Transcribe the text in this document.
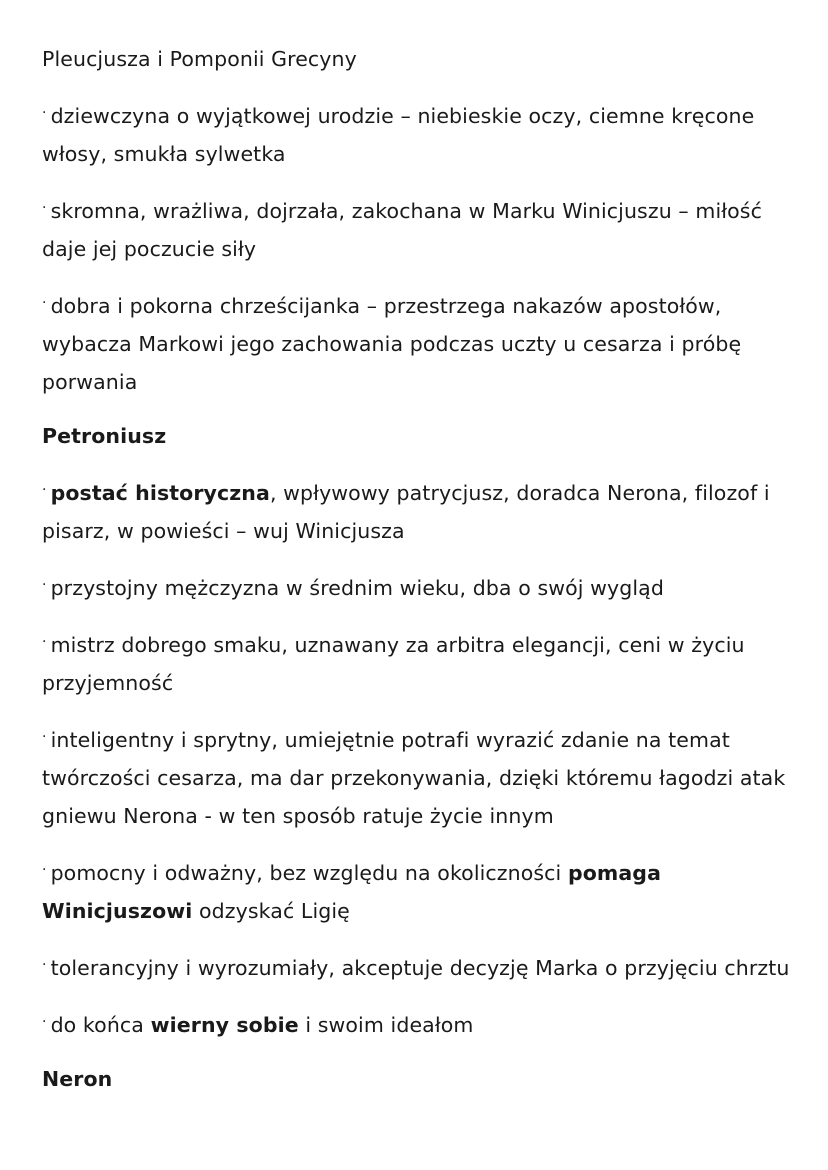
Pleucjusza i Pomponii Grecyny

· dziewczyna o wyjątkowej urodzie – niebieskie oczy, ciemne kręcone włosy, smukła sylwetka

· skromna, wrażliwa, dojrzała, zakochana w Marku Winicjuszu – miłość daje jej poczucie siły

· dobra i pokorna chrześcijanka – przestrzega nakazów apostołów, wybacza Markowi jego zachowania podczas uczty u cesarza i próbę porwania

Petroniusz

· postać historyczna, wpływowy patrycjusz, doradca Nerona, filozof i pisarz, w powieści – wuj Winicjusza

· przystojny mężczyzna w średnim wieku, dba o swój wygląd

· mistrz dobrego smaku, uznawany za arbitra elegancji, ceni w życiu przyjemność

· inteligentny i sprytny, umiejętnie potrafi wyrazić zdanie na temat twórczości cesarza, ma dar przekonywania, dzięki któremu łagodzi atak gniewu Nerona - w ten sposób ratuje życie innym

· pomocny i odważny, bez względu na okoliczności pomaga Winicjuszowi odzyskać Ligię

· tolerancyjny i wyrozumiały, akceptuje decyzję Marka o przyjęciu chrztu

· do końca wierny sobie i swoim ideałom

Neron
